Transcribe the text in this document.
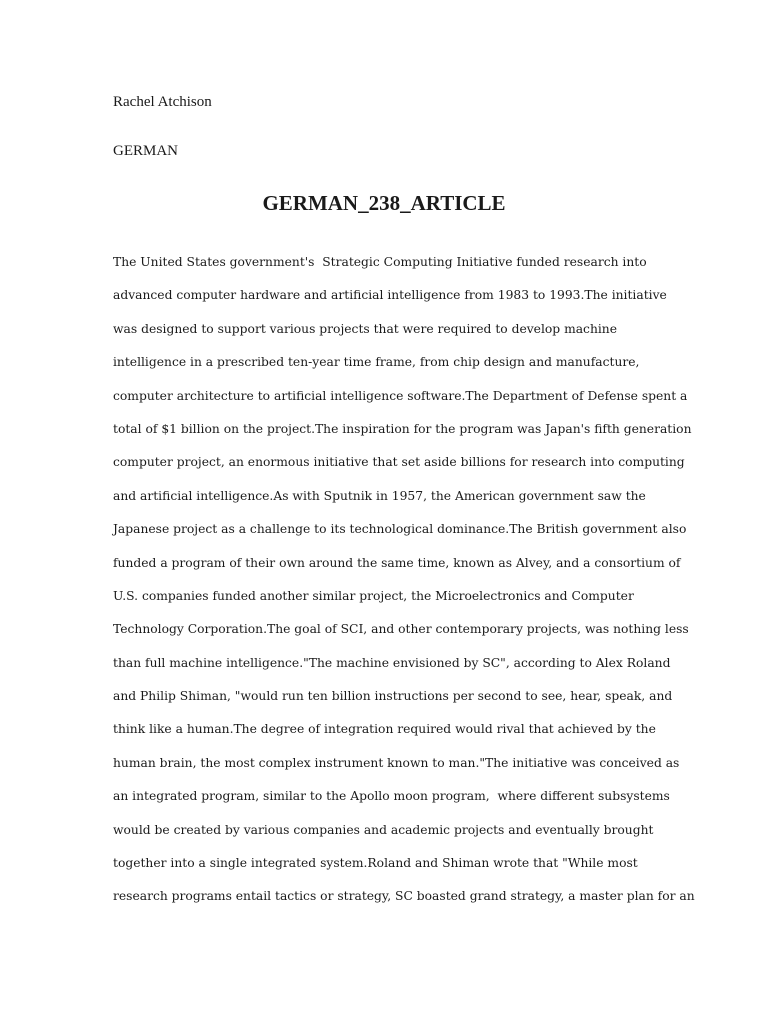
Rachel Atchison
GERMAN
GERMAN_238_ARTICLE
The United States government's  Strategic Computing Initiative funded research into
advanced computer hardware and artificial intelligence from 1983 to 1993.The initiative
was designed to support various projects that were required to develop machine
intelligence in a prescribed ten-year time frame, from chip design and manufacture,
computer architecture to artificial intelligence software.The Department of Defense spent a
total of $1 billion on the project.The inspiration for the program was Japan's fifth generation
computer project, an enormous initiative that set aside billions for research into computing
and artificial intelligence.As with Sputnik in 1957, the American government saw the
Japanese project as a challenge to its technological dominance.The British government also
funded a program of their own around the same time, known as Alvey, and a consortium of
U.S. companies funded another similar project, the Microelectronics and Computer
Technology Corporation.The goal of SCI, and other contemporary projects, was nothing less
than full machine intelligence."The machine envisioned by SC", according to Alex Roland
and Philip Shiman, "would run ten billion instructions per second to see, hear, speak, and
think like a human.The degree of integration required would rival that achieved by the
human brain, the most complex instrument known to man."The initiative was conceived as
an integrated program, similar to the Apollo moon program,  where different subsystems
would be created by various companies and academic projects and eventually brought
together into a single integrated system.Roland and Shiman wrote that "While most
research programs entail tactics or strategy, SC boasted grand strategy, a master plan for an
